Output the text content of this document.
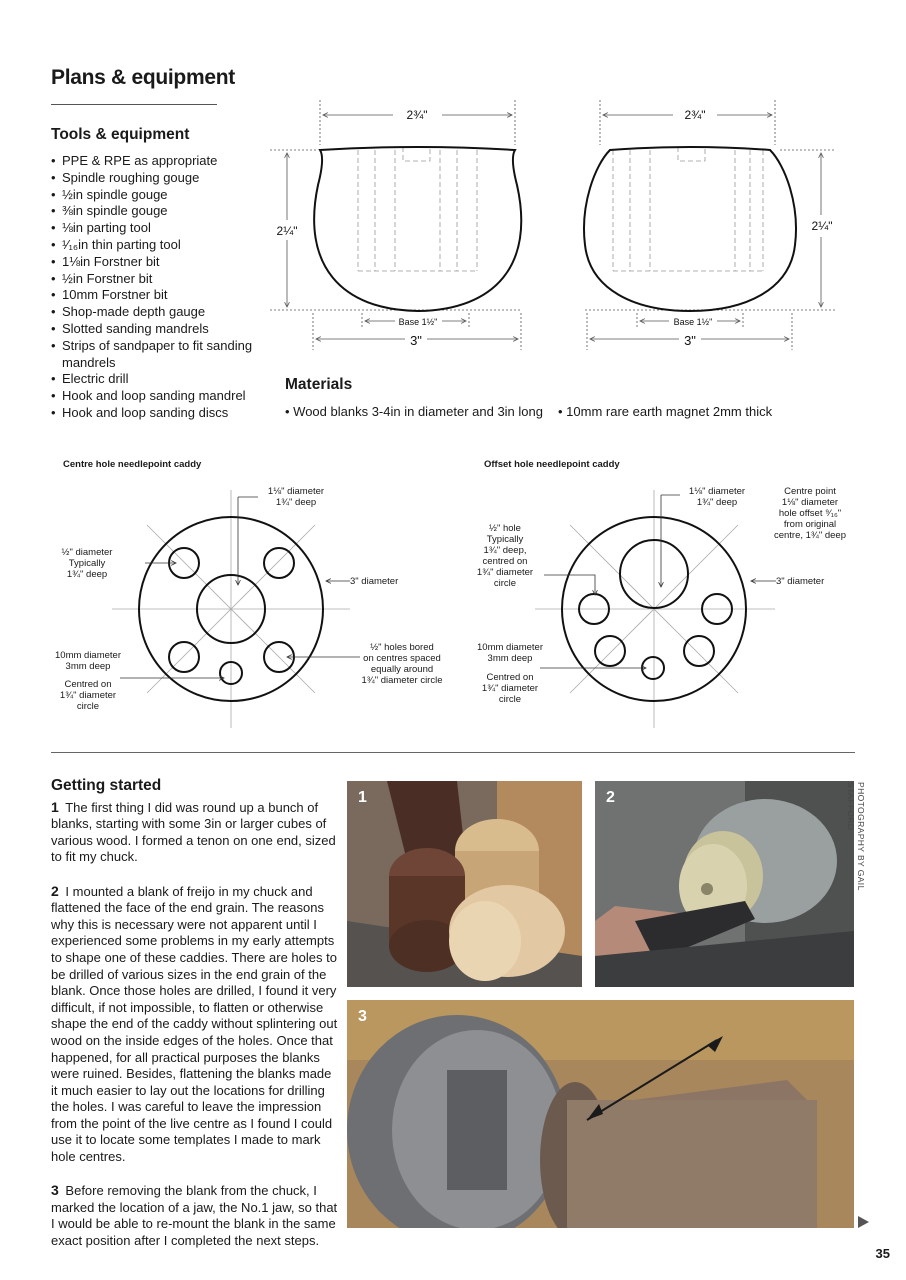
Plans & equipment
Tools & equipment
• PPE & RPE as appropriate
• Spindle roughing gouge
• ½in spindle gouge
• ⅜in spindle gouge
• ⅛in parting tool
• ¹⁄₁₆in thin parting tool
• 1⅛in Forstner bit
• ½in Forstner bit
• 10mm Forstner bit
• Shop-made depth gauge
• Slotted sanding mandrels
• Strips of sandpaper to fit sanding mandrels
• Electric drill
• Hook and loop sanding mandrel
• Hook and loop sanding discs
2¾"
2¼"
Base 1½"
3"
2¾"
2¼"
Base 1½"
3"
Materials
• Wood blanks 3-4in in diameter and 3in long
•	10mm rare earth magnet 2mm thick
Centre hole needlepoint caddy
1⅛" diameter
1¾" deep
½" diameter
Typically
1¾" deep
3" diameter
10mm diameter
3mm deep
Centred on
1¾" diameter
circle
½" holes bored
on centres spaced
equally around
1¾" diameter circle
Offset hole needlepoint caddy
1⅛" diameter
1¾" deep
Centre point
1⅛" diameter
hole offset ⁹⁄₁₆"
from original
centre, 1¾" deep
½" hole
Typically
1¾" deep,
centred on
1¾" diameter
circle	3" diameter
10mm diameter
3mm deep
Centred on
1¾" diameter
circle
Getting started

1 The first thing I did was round up a bunch of blanks, starting with some 3in or larger cubes of various wood. I formed a tenon on one end, sized to fit my chuck.

2 I mounted a blank of freijo in my chuck and flattened the face of the end grain. The reasons why this is necessary were not apparent until I experienced some problems in my early attempts to shape one of these caddies. There are holes to be drilled of various sizes in the end grain of the blank. Once those holes are drilled, I found it very difficult, if not impossible, to flatten or otherwise shape the end of the caddy without splintering out wood on the inside edges of the holes. Once that happened, for all practical purposes the blanks were ruined. Besides, flattening the blanks made it much easier to lay out the locations for drilling the holes. I was careful to leave the impression from the point of the live centre as I found I could use it to locate some templates I made to mark hole centres.

3 Before removing the blank from the chuck, I marked the location of a jaw, the No.1 jaw, so that I would be able to re-mount the blank in the same exact position after I completed the next steps.

1	2
3
PHOTOGRAPHY BY GAIL STAFFORD
35
